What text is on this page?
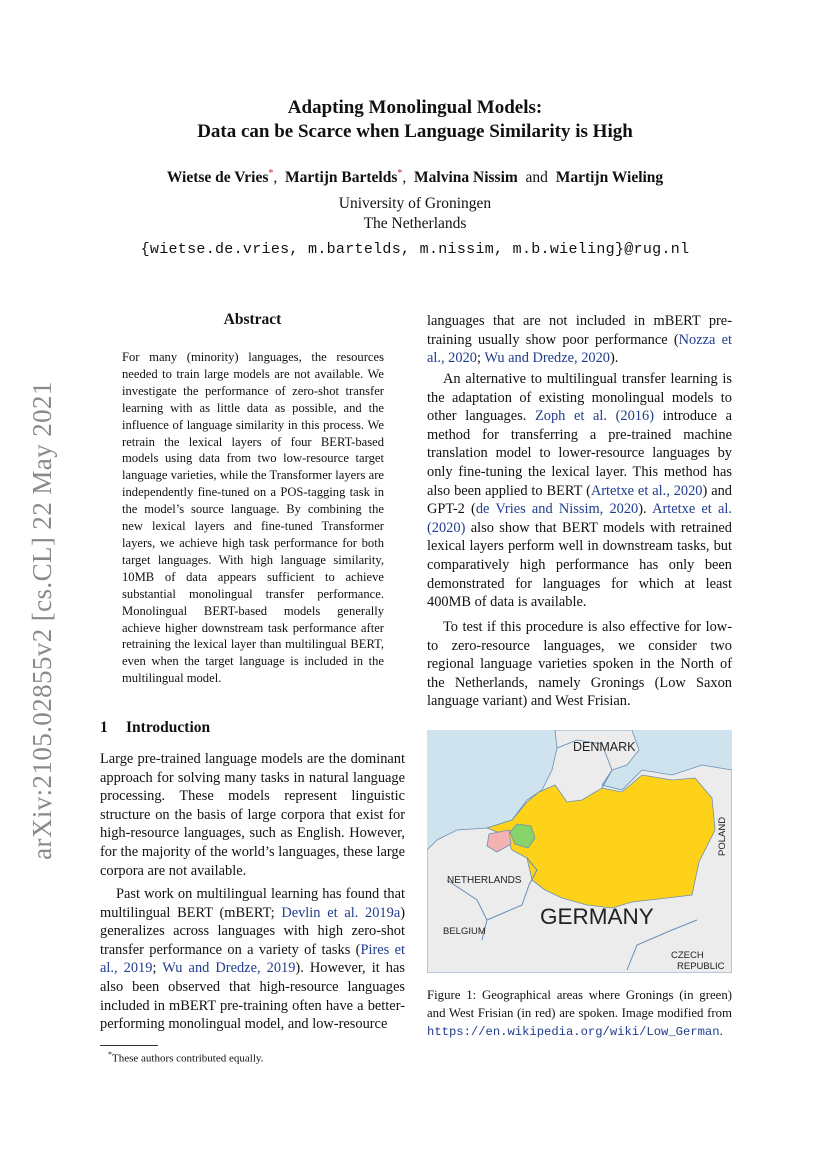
arXiv:2105.02855v2 [cs.CL] 22 May 2021
Adapting Monolingual Models:
Data can be Scarce when Language Similarity is High
Wietse de Vries*, Martijn Bartelds*, Malvina Nissim and Martijn Wieling
University of Groningen
The Netherlands
{wietse.de.vries, m.bartelds, m.nissim, m.b.wieling}@rug.nl
Abstract
For many (minority) languages, the resources needed to train large models are not available. We investigate the performance of zero-shot transfer learning with as little data as possible, and the influence of language similarity in this process. We retrain the lexical layers of four BERT-based models using data from two low-resource target language varieties, while the Transformer layers are independently fine-tuned on a POS-tagging task in the model’s source language. By combining the new lexical layers and fine-tuned Transformer layers, we achieve high task performance for both target languages. With high language similarity, 10MB of data appears sufficient to achieve substantial monolingual transfer performance. Monolingual BERT-based models generally achieve higher downstream task performance after retraining the lexical layer than multilingual BERT, even when the target language is included in the multilingual model.
1 Introduction

Large pre-trained language models are the dominant approach for solving many tasks in natural language processing. These models represent linguistic structure on the basis of large corpora that exist for high-resource languages, such as English. However, for the majority of the world’s languages, these large corpora are not available.

Past work on multilingual learning has found that multilingual BERT (mBERT; Devlin et al. 2019a) generalizes across languages with high zero-shot transfer performance on a variety of tasks (Pires et al., 2019; Wu and Dredze, 2019). However, it has also been observed that high-resource languages included in mBERT pre-training often have a better-performing monolingual model, and low-resource

*These authors contributed equally.

languages that are not included in mBERT pre-training usually show poor performance (Nozza et al., 2020; Wu and Dredze, 2020).

An alternative to multilingual transfer learning is the adaptation of existing monolingual models to other languages. Zoph et al. (2016) introduce a method for transferring a pre-trained machine translation model to lower-resource languages by only fine-tuning the lexical layer. This method has also been applied to BERT (Artetxe et al., 2020) and GPT-2 (de Vries and Nissim, 2020). Artetxe et al. (2020) also show that BERT models with retrained lexical layers perform well in downstream tasks, but comparatively high performance has only been demonstrated for languages for which at least 400MB of data is available.

To test if this procedure is also effective for low- to zero-resource languages, we consider two regional language varieties spoken in the North of the Netherlands, namely Gronings (Low Saxon language variant) and West Frisian.

DENMARK
NETHERLANDS
GERMANY
BELGIUM
CZECH
REPUBLIC
POLAND
Figure 1: Geographical areas where Gronings (in green) and West Frisian (in red) are spoken. Image modified from https://en.wikipedia.org/wiki/Low_German.
